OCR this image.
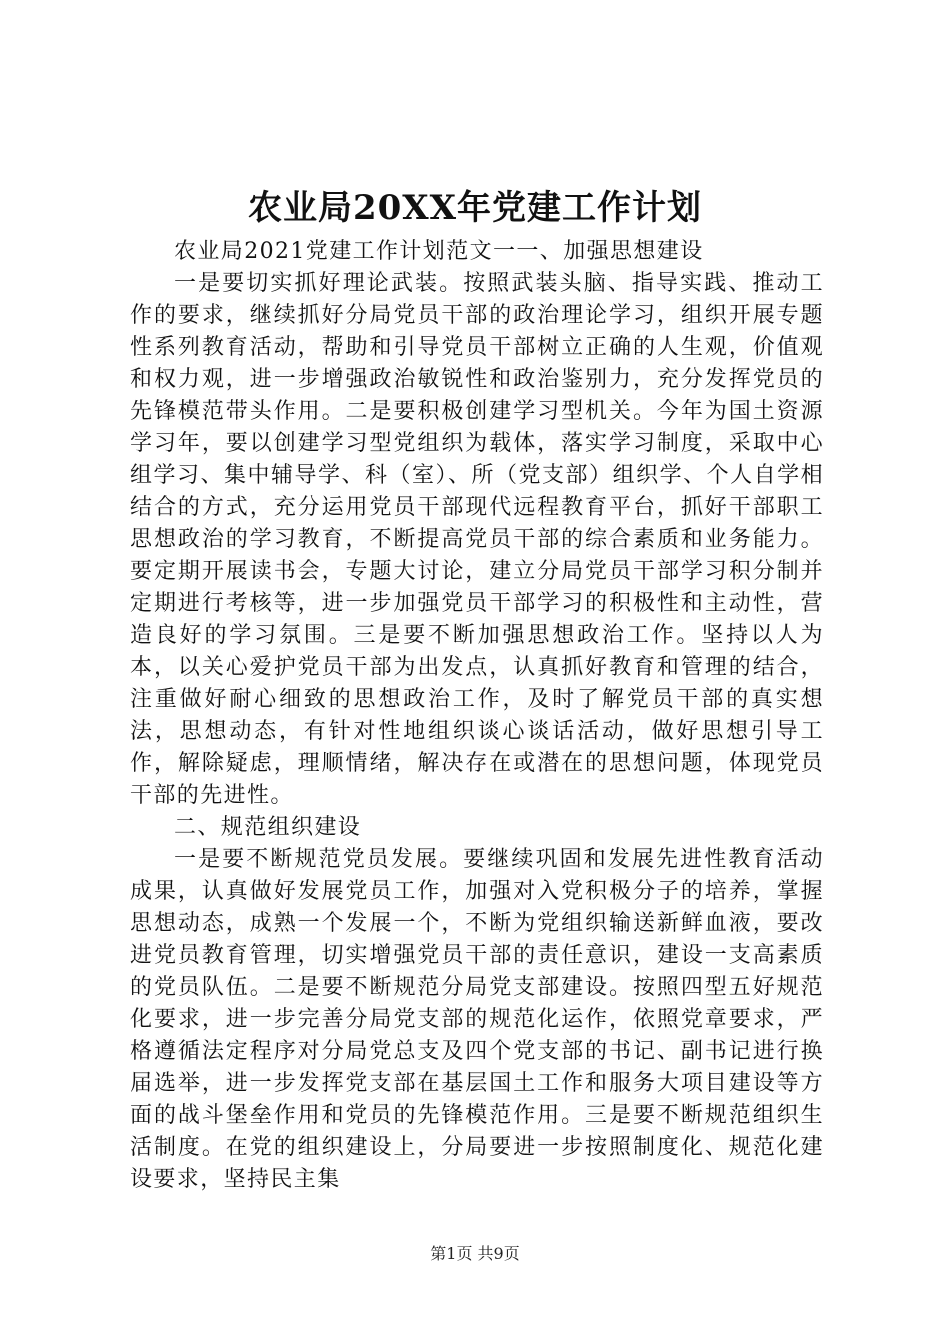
农业局20XX年党建工作计划

农业局2021党建工作计划范文一一、加强思想建设

一是要切实抓好理论武装。按照武装头脑、指导实践、推动工作的要求，继续抓好分局党员干部的政治理论学习，组织开展专题性系列教育活动，帮助和引导党员干部树立正确的人生观，价值观和权力观，进一步增强政治敏锐性和政治鉴别力，充分发挥党员的先锋模范带头作用。二是要积极创建学习型机关。今年为国土资源学习年，要以创建学习型党组织为载体，落实学习制度，采取中心组学习、集中辅导学、科（室）、所（党支部）组织学、个人自学相结合的方式，充分运用党员干部现代远程教育平台，抓好干部职工思想政治的学习教育，不断提高党员干部的综合素质和业务能力。要定期开展读书会，专题大讨论，建立分局党员干部学习积分制并定期进行考核等，进一步加强党员干部学习的积极性和主动性，营造良好的学习氛围。三是要不断加强思想政治工作。坚持以人为本，以关心爱护党员干部为出发点，认真抓好教育和管理的结合，注重做好耐心细致的思想政治工作，及时了解党员干部的真实想法，思想动态，有针对性地组织谈心谈话活动，做好思想引导工作，解除疑虑，理顺情绪，解决存在或潜在的思想问题，体现党员干部的先进性。

二、规范组织建设

一是要不断规范党员发展。要继续巩固和发展先进性教育活动成果，认真做好发展党员工作，加强对入党积极分子的培养，掌握思想动态，成熟一个发展一个，不断为党组织输送新鲜血液，要改进党员教育管理，切实增强党员干部的责任意识，建设一支高素质的党员队伍。二是要不断规范分局党支部建设。按照四型五好规范化要求，进一步完善分局党支部的规范化运作，依照党章要求，严格遵循法定程序对分局党总支及四个党支部的书记、副书记进行换届选举，进一步发挥党支部在基层国土工作和服务大项目建设等方面的战斗堡垒作用和党员的先锋模范作用。三是要不断规范组织生活制度。在党的组织建设上，分局要进一步按照制度化、规范化建设要求，坚持民主集

第1页 共9页
